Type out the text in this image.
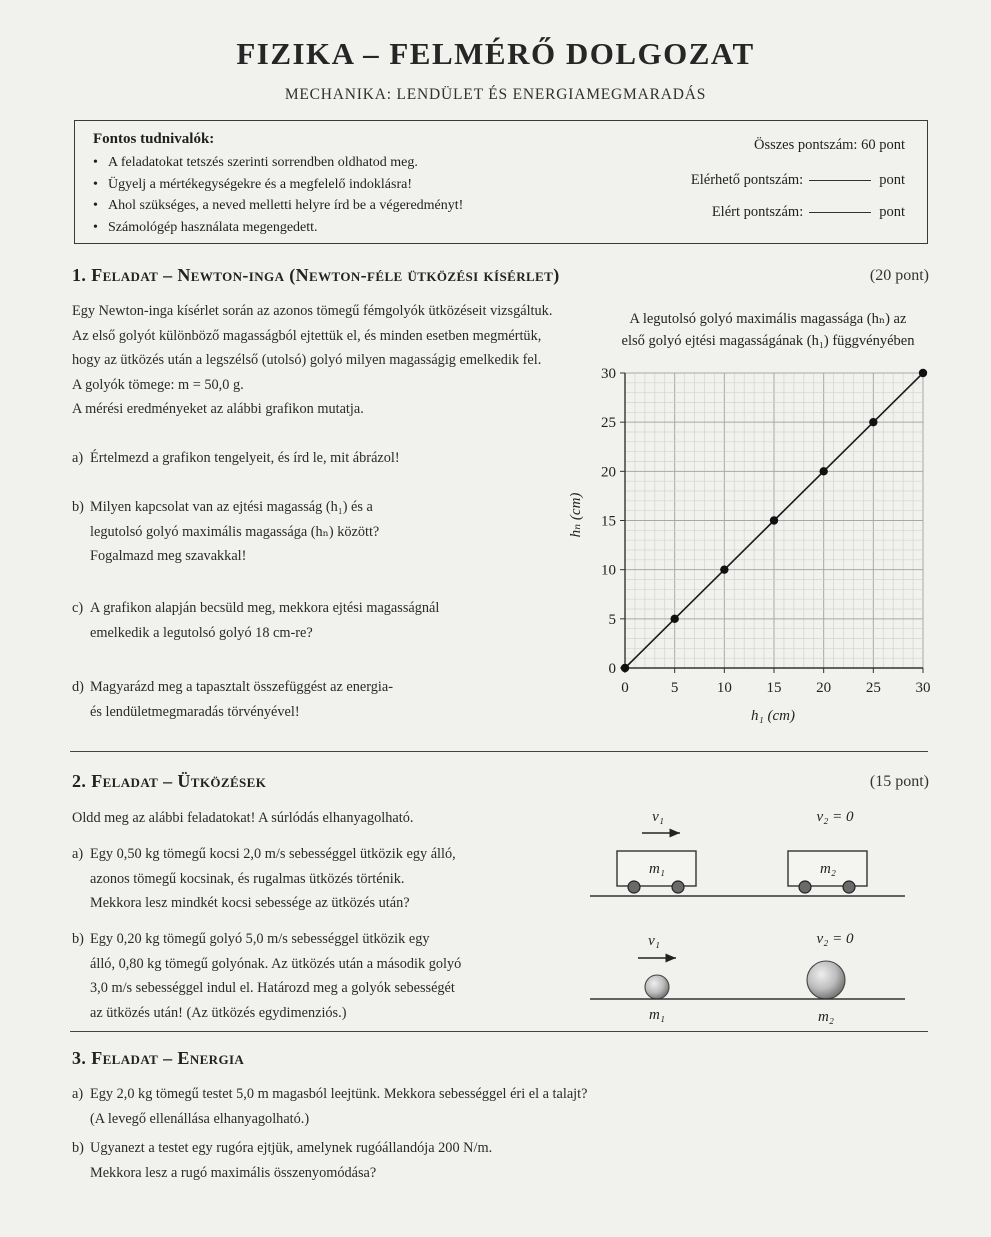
FIZIKA – FELMÉRŐ DOLGOZAT
MECHANIKA: LENDÜLET ÉS ENERGIAMEGMARADÁS
Fontos tudnivalók:
• A feladatokat tetszés szerinti sorrendben oldhatod meg.
• Ügyelj a mértékegységekre és a megfelelő indoklásra!
• Ahol szükséges, a neved melletti helyre írd be a végeredményt!
• Számológép használata megengedett.
Összes pontszám: 60 pont
Elérhető pontszám:	pont
Elért pontszám:	pont
1. Feladat – Newton-inga (Newton-féle ütközési kísérlet)	(20 pont)
Egy Newton-inga kísérlet során az azonos tömegű fémgolyók ütközéseit vizsgáltuk.
Az első golyót különböző magasságból ejtettük el, és minden esetben megmértük,
hogy az ütközés után a legszélső (utolsó) golyó milyen magasságig emelkedik fel.
A golyók tömege: m = 50,0 g.
A mérési eredményeket az alábbi grafikon mutatja.
a) Értelmezd a grafikon tengelyeit, és írd le, mit ábrázol!
b) Milyen kapcsolat van az ejtési magasság (h₁) és a
legutolsó golyó maximális magassága (hₙ) között?
Fogalmazd meg szavakkal!
c) A grafikon alapján becsüld meg, mekkora ejtési magasságnál
emelkedik a legutolsó golyó 18 cm-re?
d) Magyarázd meg a tapasztalt összefüggést az energia-
és lendületmegmaradás törvényével!
A legutolsó golyó maximális magassága (hₙ) az
első golyó ejtési magasságának (h₁) függvényében
0	5	10 15 20 25 30
0
5
10
15
20
25
30
h₁ (cm)
hₙ (cm)
2. Feladat – Ütközések	(15 pont)
Oldd meg az alábbi feladatokat! A súrlódás elhanyagolható.
a) Egy 0,50 kg tömegű kocsi 2,0 m/s sebességgel ütközik egy álló,
azonos tömegű kocsinak, és rugalmas ütközés történik.
Mekkora lesz mindkét kocsi sebessége az ütközés után?
b) Egy 0,20 kg tömegű golyó 5,0 m/s sebességgel ütközik egy
álló, 0,80 kg tömegű golyónak. Az ütközés után a második golyó
3,0 m/s sebességgel indul el. Határozd meg a golyók sebességét
az ütközés után! (Az ütközés egydimenziós.)
v₁	v₂ = 0
m₁	m₂
v₁	v₂ = 0
m₁	m₂
3. Feladat – Energia
a) Egy 2,0 kg tömegű testet 5,0 m magasból leejtünk. Mekkora sebességgel éri el a talajt?
(A levegő ellenállása elhanyagolható.)
b) Ugyanezt a testet egy rugóra ejtjük, amelynek rugóállandója 200 N/m.
Mekkora lesz a rugó maximális összenyomódása?
